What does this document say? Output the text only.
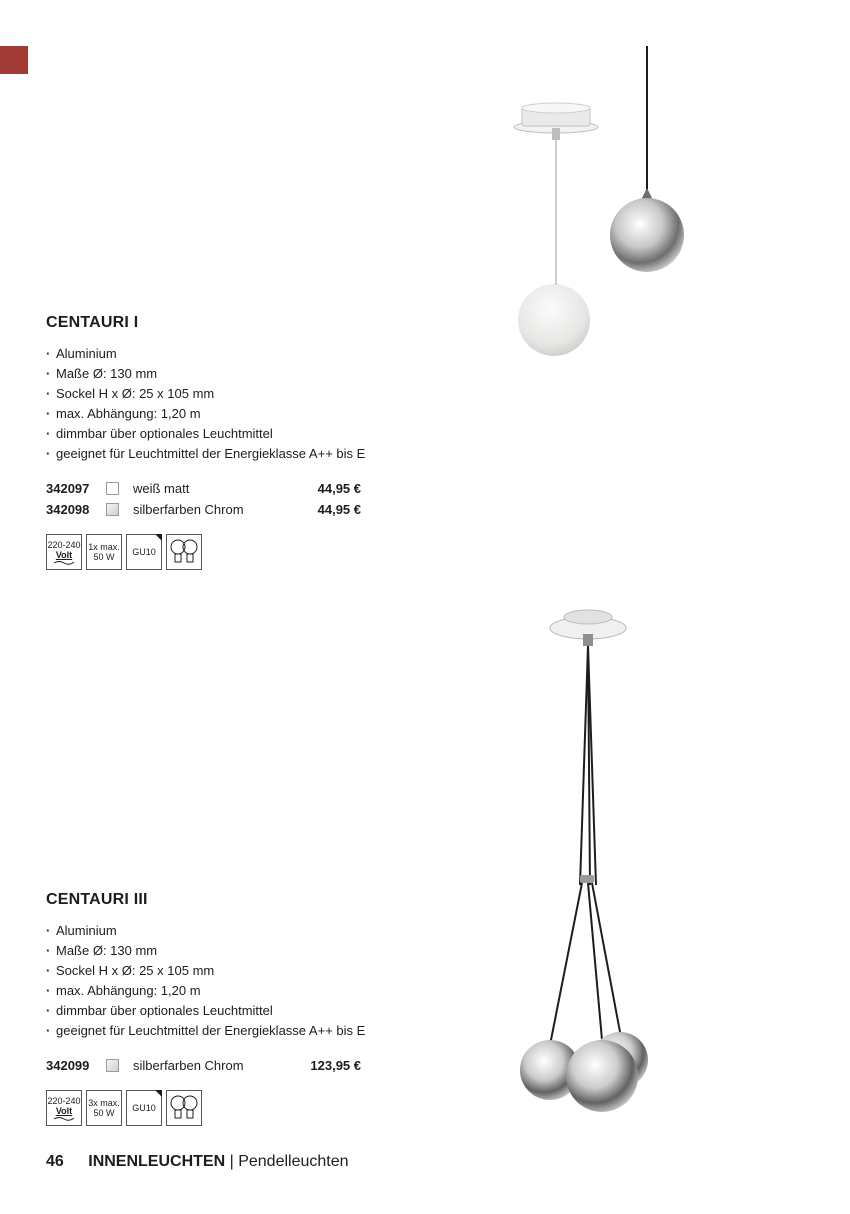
CENTAURI I
· Aluminium
· Maße Ø: 130 mm
· Sockel H x Ø: 25 x 105 mm
· max. Abhängung: 1,20 m
· dimmbar über optionales Leuchtmittel
· geeignet für Leuchtmittel der Energieklasse A++ bis E
342097	weiß matt	44,95 €
342098	silberfarben Chrom	44,95 €
220-240
Volt
1x max.
50 W GU10
CENTAURI III
· Aluminium
· Maße Ø: 130 mm
· Sockel H x Ø: 25 x 105 mm
· max. Abhängung: 1,20 m
· dimmbar über optionales Leuchtmittel
· geeignet für Leuchtmittel der Energieklasse A++ bis E
342099	silberfarben Chrom	123,95 €
220-240
Volt
3x max.
50 W GU10
46 INNENLEUCHTEN | Pendelleuchten
